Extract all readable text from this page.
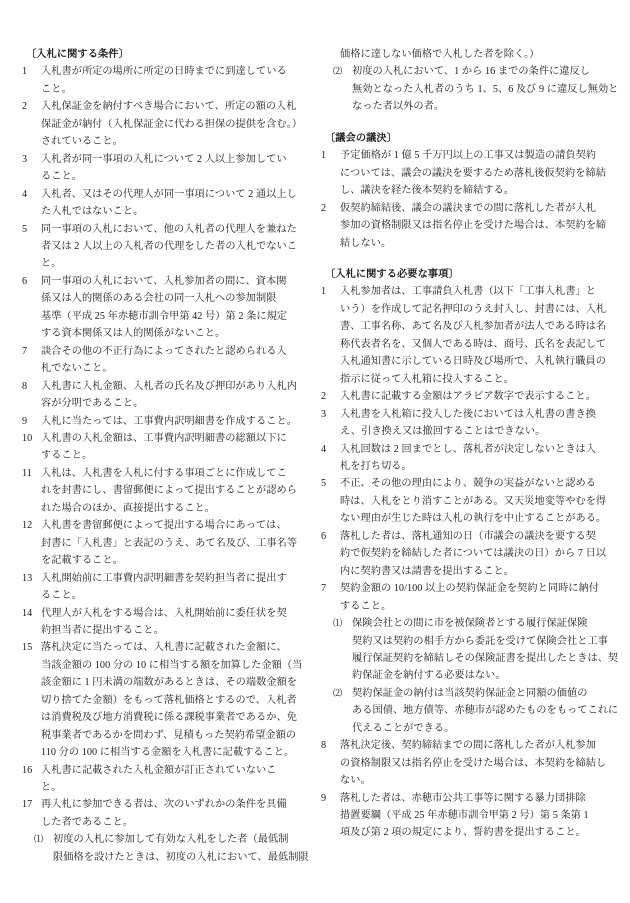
〔入札に関する条件〕
1	入札書が所定の場所に所定の日時までに到達している
こと。
2	入札保証金を納付すべき場合において、所定の額の入札
保証金が納付（入札保証金に代わる担保の提供を含む。）
されていること。
3	入札者が同一事項の入札について 2 人以上参加してい
ること。
4	入札者、又はその代理人が同一事項について 2 通以上し
た入札ではないこと。
5	同一事項の入札において、他の入札者の代理人を兼ねた
者又は 2 人以上の入札者の代理をした者の入札でないこ
と。
6	同一事項の入札において、入札参加者の間に、資本関
係又は人的関係のある会社の同一入札への参加制限
基準（平成 25 年赤穂市訓令甲第 42 号）第 2 条に規定
する資本関係又は人的関係がないこと。
7	談合その他の不正行為によってされたと認められる入
札でないこと。
8	入札書に入札金額、入札者の氏名及び押印があり入札内
容が分明であること。
9	入札に当たっては、工事費内訳明細書を作成すること。
10 入札書の入札金額は、工事費内訳明細書の総額以下に
すること。
11 入札は、入札書を入札に付する事項ごとに作成してこ
れを封書にし、書留郵便によって提出することが認めら
れた場合のほか、直接提出すること。
12 入札書を書留郵便によって提出する場合にあっては、
封書に「入札書」と表記のうえ、あて名及び、工事名等
を記載すること。
13 入札開始前に工事費内訳明細書を契約担当者に提出す
ること。
14 代理人が入札をする場合は、入札開始前に委任状を契
約担当者に提出すること。
15 落札決定に当たっては、入札書に記載された金額に、
当該金額の 100 分の 10 に相当する額を加算した金額（当
該金額に 1 円未満の端数があるときは、その端数金額を
切り捨てた金額）をもって落札価格とするので、入札者
は消費税及び地方消費税に係る課税事業者であるか、免
税事業者であるかを問わず、見積もった契約希望金額の
110 分の 100 に相当する金額を入札書に記載すること。
16 入札書に記載された入札金額が訂正されていないこ
と。
17 再入札に参加できる者は、次のいずれかの条件を具備
した者であること。
⑴ 初度の入札に参加して有効な入札をした者（最低制
限価格を設けたときは、初度の入札において、最低制限
価格に達しない価格で入札した者を除く。）
⑵ 初度の入札において、1 から 16 までの条件に違反し
無効となった入札者のうち 1、5、6 及び 9 に違反し無効と
なった者以外の者。
〔議会の議決〕
1	予定価格が 1 億 5 千万円以上の工事又は製造の請負契約
については、議会の議決を要するため落札後仮契約を締結
し、議決を経た後本契約を締結する。
2	仮契約締結後、議会の議決までの間に落札した者が入札
参加の資格制限又は指名停止を受けた場合は、本契約を締
結しない。
〔入札に関する必要な事項〕
1	入札参加者は、工事請負入札書（以下「工事入札書」と
いう）を作成して記名押印のうえ封入し、封書には、入札
書、工事名称、あて名及び入札参加者が法人である時は名
称代表者名を、又個人である時は、商号、氏名を表記して
入札通知書に示している日時及び場所で、入札執行職員の
指示に従って入札箱に投入すること。
2	入札書に記載する金額はアラビア数字で表示すること。
3	入札書を入札箱に投入した後においては入札書の書き換
え、引き換え又は撤回することはできない。
4	入札回数は 2 回までとし、落札者が決定しないときは入
札を打ち切る。
5	不正、その他の理由により、競争の実益がないと認める
時は、入札をとり消すことがある。又天災地変等やむを得
ない理由が生じた時は入札の執行を中止することがある。
6	落札した者は、落札通知の日（市議会の議決を要する契
約で仮契約を締結した者については議決の日）から 7 日以
内に契約書又は請書を提出すること。
7	契約金額の 10/100 以上の契約保証金を契約と同時に納付
すること。
⑴ 保険会社との間に市を被保険者とする履行保証保険
契約又は契約の相手方から委託を受けて保険会社と工事
履行保証契約を締結しその保険証書を提出したときは、契
約保証金を納付する必要はない。
⑵ 契約保証金の納付は当該契約保証金と同額の価値の
ある国債、地方債等、赤穂市が認めたものをもってこれに
代えることができる。
8	落札決定後、契約締結までの間に落札した者が入札参加
の資格制限又は指名停止を受けた場合は、本契約を締結し
ない。
9	落札した者は、赤穂市公共工事等に関する暴力団排除
措置要綱（平成 25 年赤穂市訓令甲第 2 号）第 5 条第 1
項及び第 2 項の規定により、誓約書を提出すること。
